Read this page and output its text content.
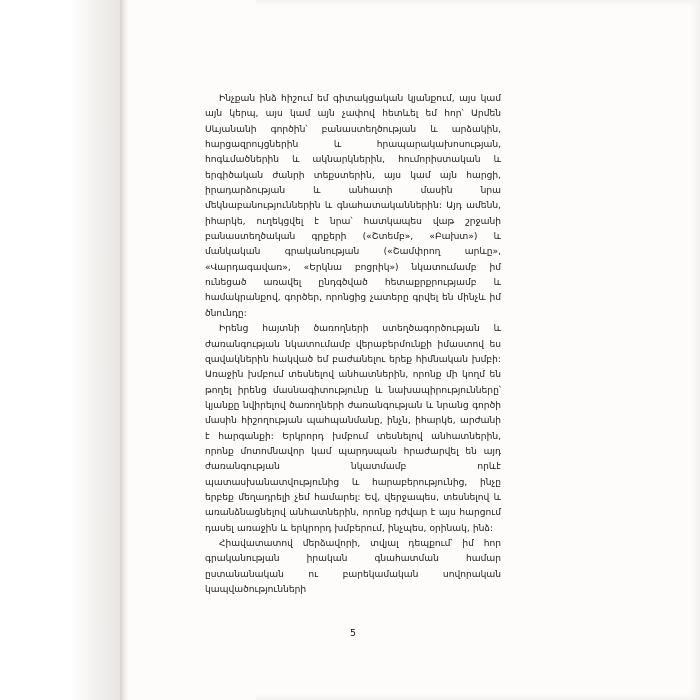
Ինչքան ինձ հիշում եմ գիտակցական կյանքում, այս կամ այն կերպ, այս կամ այն չափով հետևել եմ հոր՝ Արմեն Սևյանանի գործին՝ բանաստեղծության և արձակին, հարցազրույցներին և հրապարակախոսության, հոգևմածներին և ակնարկներին, հումորիստական և երգիծական ժանրի տեքստերին, այս կամ այն հարցի, իրադարձության և անհատի մասին նրա մեկնաբանություններին և գնահատականներին: Այդ ամենն, իհարկե, ուղեկցվել է նրա՝ հատկապես վաթ շրջանի բանաստեղծական գրքերի («Շտեմբ», «Բախտ») և մանկական գրականության («Շամփրող արևը», «Վարդագավառ», «Երկնա բոցրիկ») նկատումամբ իմ ունեցած առավել ընդգծված հետաքրքրությամբ և համակրանքով, գործեր, որոնցից չատերը գրվել են մինչև իմ ծնունդը:

Իրենց հայտնի ծառողների ստեղծագործության և ժառանգության նկատումամբ վերաբերմունքի իմաստով ես զավակներին հակված եմ բաժանելու երեք հիմնական խմբի: Առաջին խմբում տեսնելով անհատներին, որոնք մի կողմ են թողել իրենց մասնագիտությունը և նախապիրությունները՝ կյանքը նվիրելով ծառողների ժառանգության և նրանց գործի մասին հիշողության պահպանմանը, ինչն, իհարկե, արժանի է հարգանքի: Երկրորդ խմբում տեսնելով անհատներին, որոնք մոտոմնավոր կամ պարդսպան հրաժարվել են այդ ժառանգության նկատմամբ որևէ պատասխանատվությունից և հարաբերությունից, ինչը երբեք մեղադրելի չեմ համարել: Եվ, վերջապես, տեսնելով և առանձնացնելով անհատներին, որոնք դժվար է այս հարցում դասել առաջին և երկրորդ խմբերում, ինչպես, օրինակ, ինձ:

Հիավատատով մերձավորի, տվյալ դեպքում՝ իմ հոր գրականության իրական գնահատման համար ըստանանական ու բարեկամական սովորական կապվածությունների

5
